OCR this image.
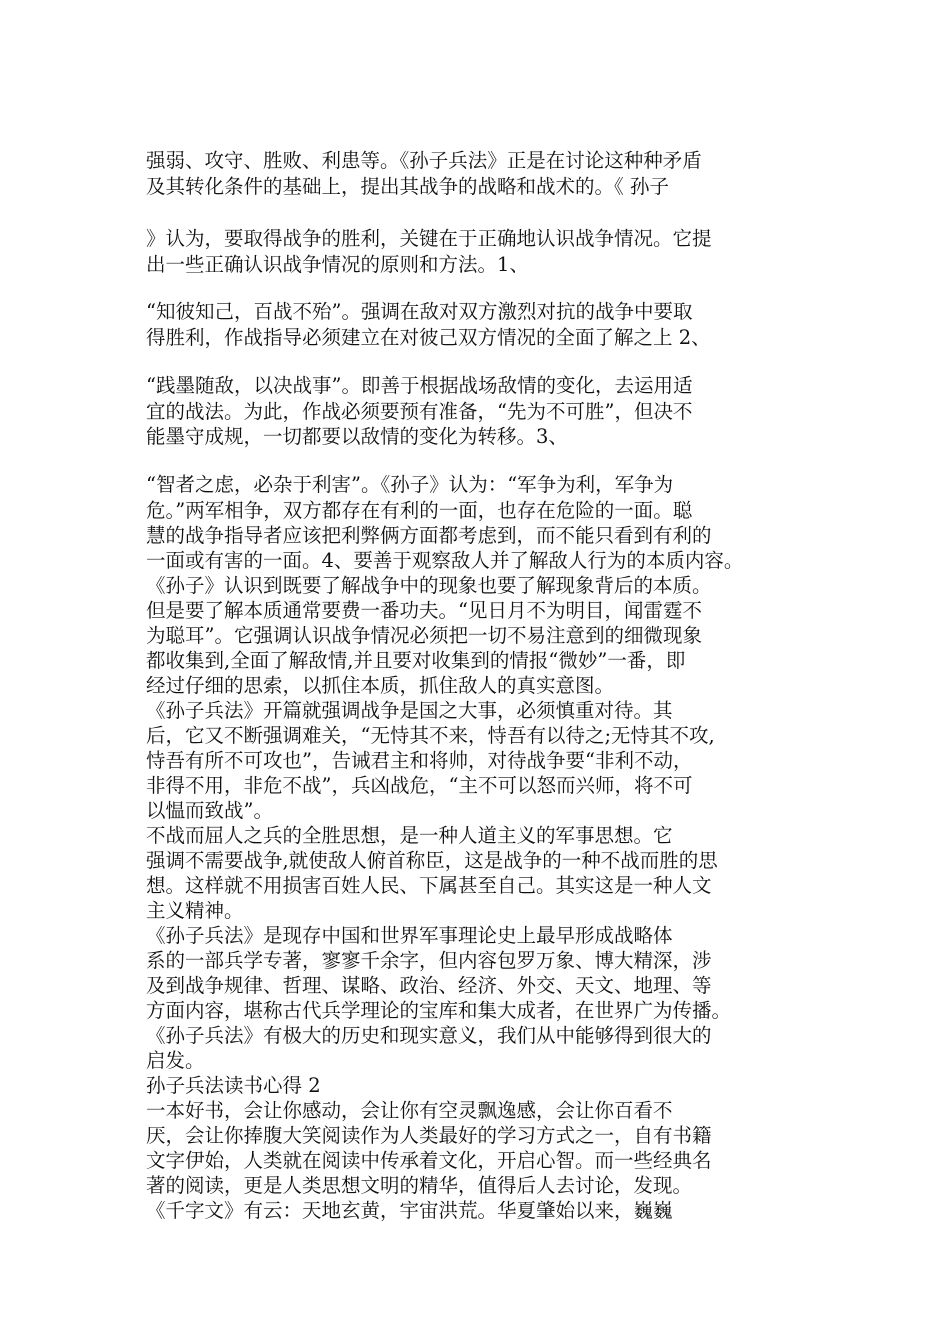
强弱、攻守、胜败、利患等。《孙子兵法》正是在讨论这种种矛盾
及其转化条件的基础上，提出其战争的战略和战术的。《 孙子
》认为，要取得战争的胜利，关键在于正确地认识战争情况。它提
出一些正确认识战争情况的原则和方法。1、
“知彼知己，百战不殆”。强调在敌对双方激烈对抗的战争中要取
得胜利，作战指导必须建立在对彼己双方情况的全面了解之上 2、
“践墨随敌，以决战事”。即善于根据战场敌情的变化，去运用适
宜的战法。为此，作战必须要预有准备，“先为不可胜”，但决不
能墨守成规，一切都要以敌情的变化为转移。3、
“智者之虑，必杂于利害”。《孙子》认为：“军争为利，军争为
危。”两军相争，双方都存在有利的一面，也存在危险的一面。聪
慧的战争指导者应该把利弊俩方面都考虑到，而不能只看到有利的
一面或有害的一面。4、要善于观察敌人并了解敌人行为的本质内容。
《孙子》认识到既要了解战争中的现象也要了解现象背后的本质。
但是要了解本质通常要费一番功夫。“见日月不为明目，闻雷霆不
为聪耳”。它强调认识战争情况必须把一切不易注意到的细微现象
都收集到,全面了解敌情,并且要对收集到的情报“微妙”一番，即
经过仔细的思索，以抓住本质，抓住敌人的真实意图。
《孙子兵法》开篇就强调战争是国之大事，必须慎重对待。其
后，它又不断强调难关，“无恃其不来，恃吾有以待之;无恃其不攻,
恃吾有所不可攻也”，告诫君主和将帅，对待战争要“非利不动，
非得不用，非危不战”，兵凶战危，“主不可以怒而兴师，将不可
以愠而致战”。
不战而屈人之兵的全胜思想，是一种人道主义的军事思想。它
强调不需要战争,就使敌人俯首称臣，这是战争的一种不战而胜的思
想。这样就不用损害百姓人民、下属甚至自己。其实这是一种人文
主义精神。
《孙子兵法》是现存中国和世界军事理论史上最早形成战略体
系的一部兵学专著，寥寥千余字，但内容包罗万象、博大精深，涉
及到战争规律、哲理、谋略、政治、经济、外交、天文、地理、等
方面内容，堪称古代兵学理论的宝库和集大成者，在世界广为传播。
《孙子兵法》有极大的历史和现实意义，我们从中能够得到很大的
启发。
孙子兵法读书心得 2
一本好书，会让你感动，会让你有空灵飘逸感，会让你百看不
厌，会让你捧腹大笑阅读作为人类最好的学习方式之一，自有书籍
文字伊始，人类就在阅读中传承着文化，开启心智。而一些经典名
著的阅读，更是人类思想文明的精华，值得后人去讨论，发现。
《千字文》有云：天地玄黄，宇宙洪荒。华夏肇始以来，巍巍
